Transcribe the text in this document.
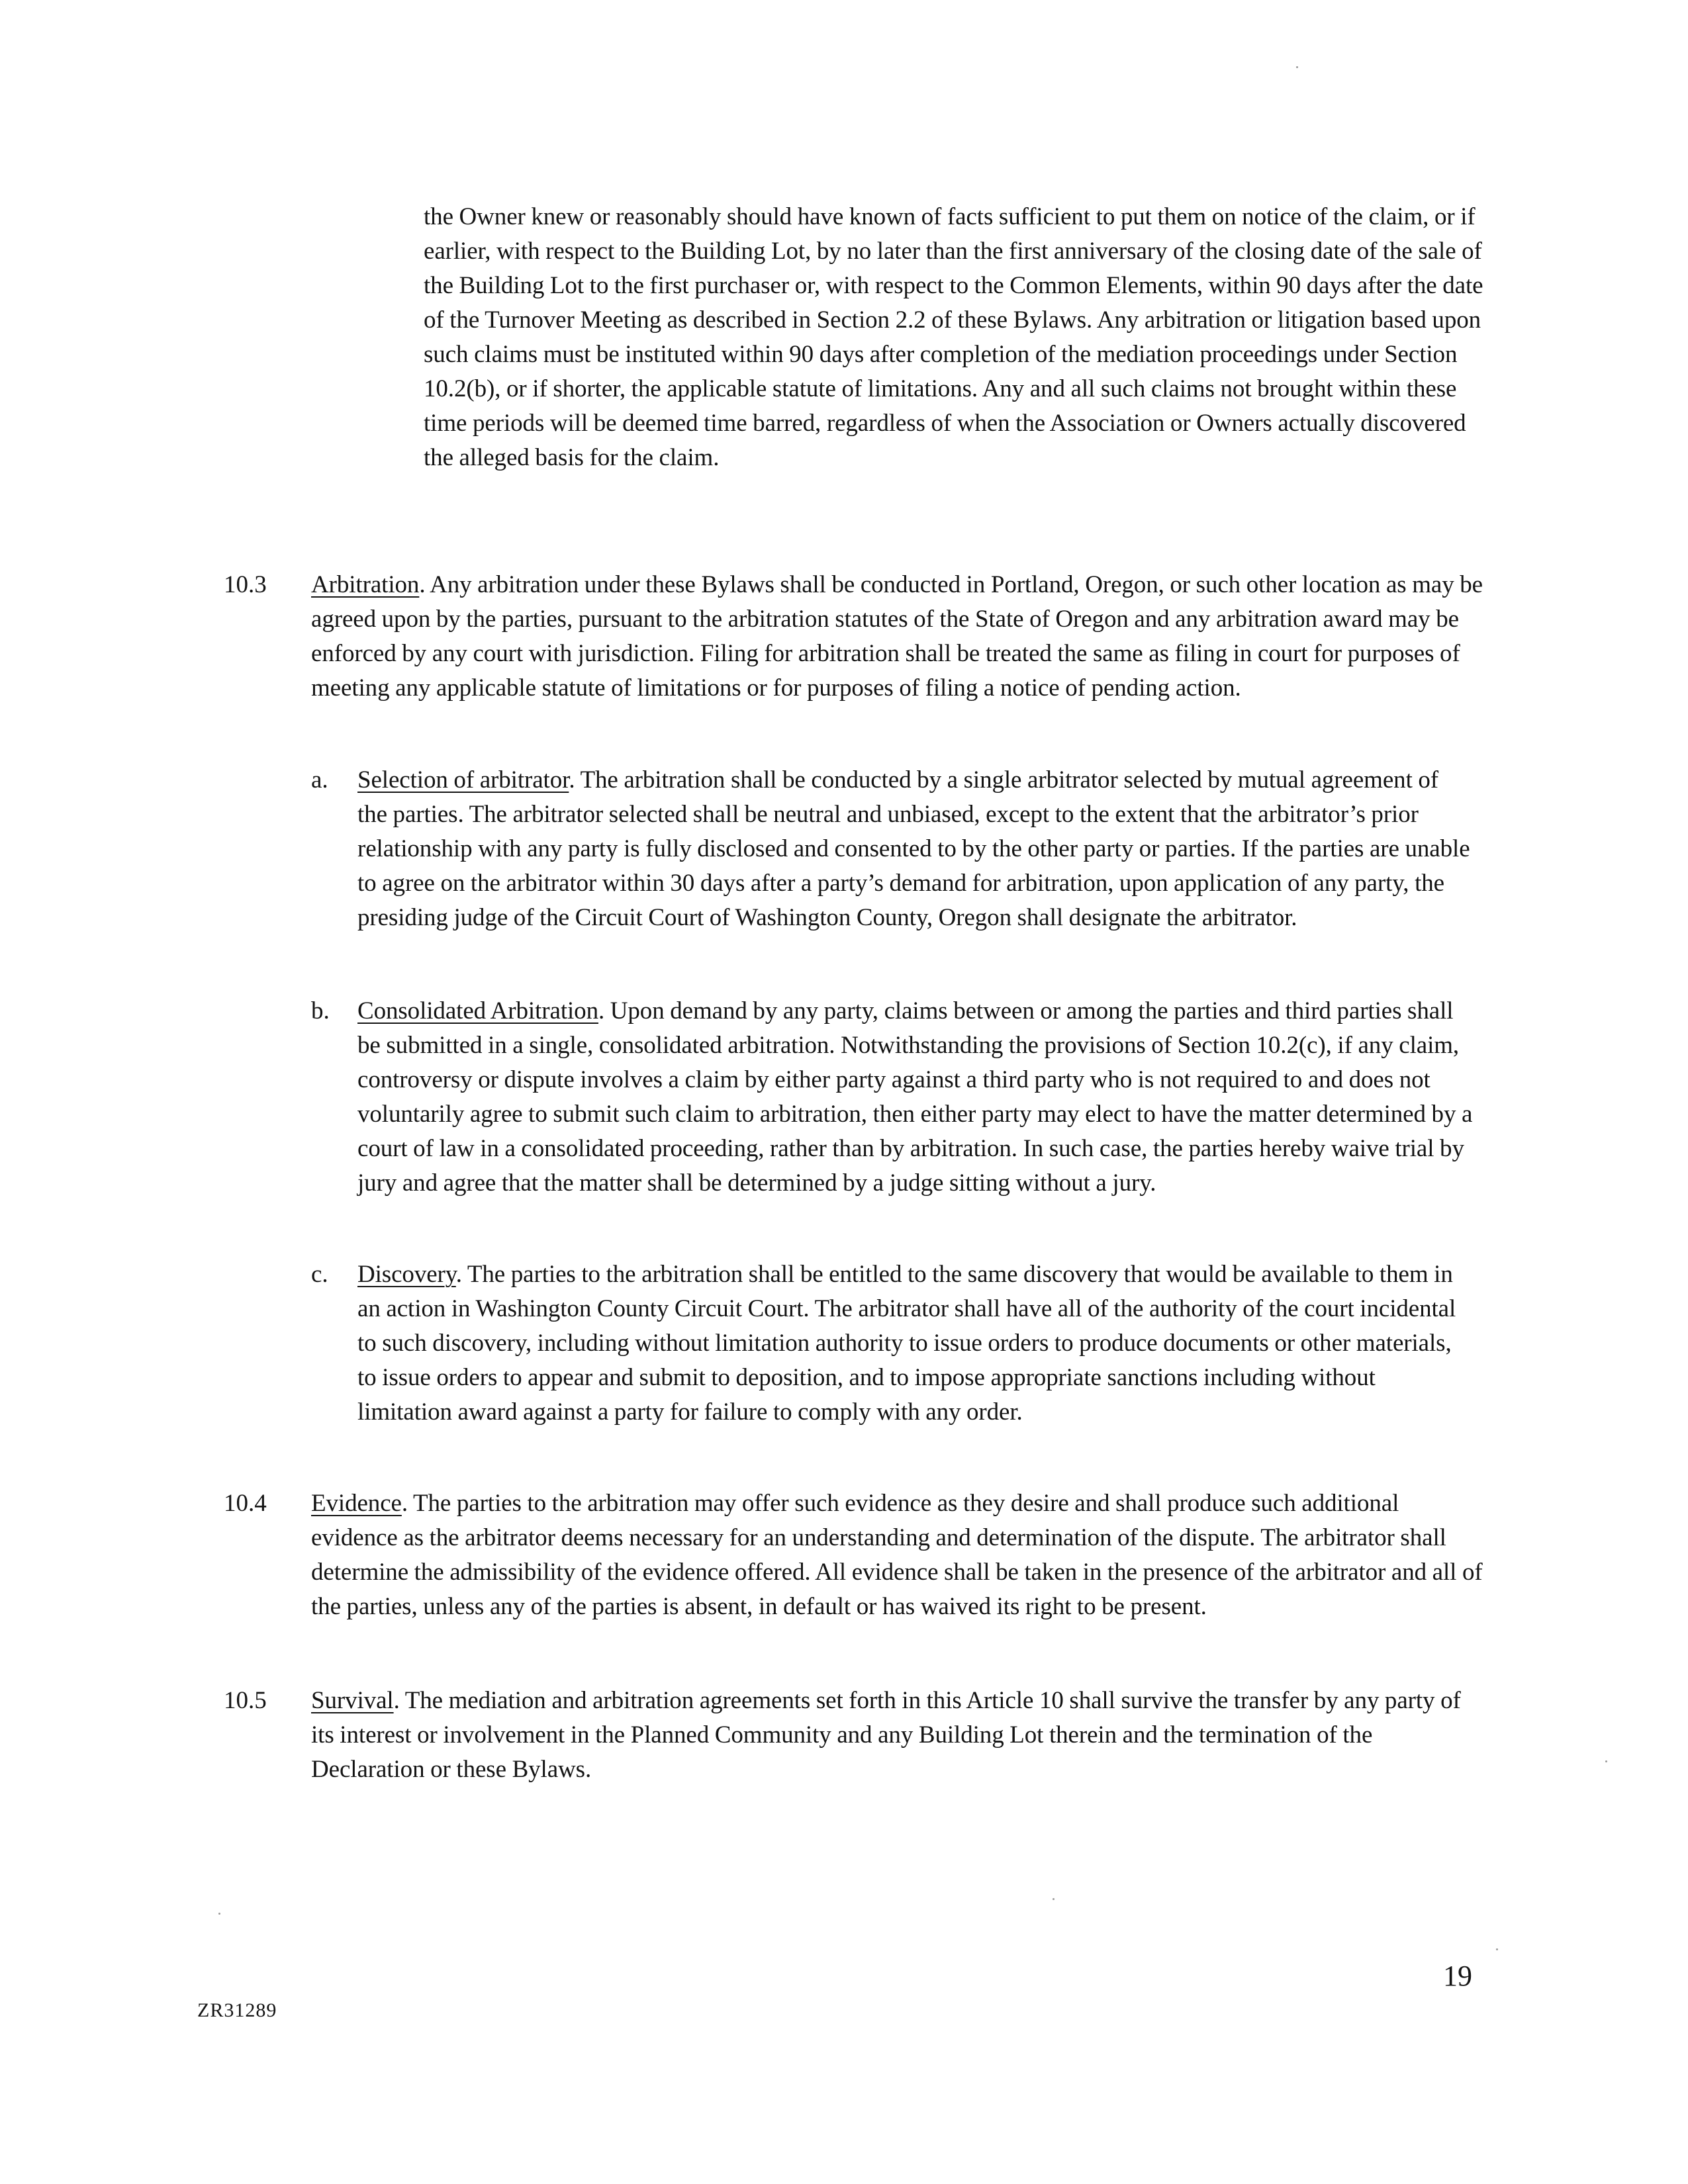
the Owner knew or reasonably should have known of facts sufficient to put them on notice of the claim, or if earlier, with respect to the Building Lot, by no later than the first anniversary of the closing date of the sale of the Building Lot to the first purchaser or, with respect to the Common Elements, within 90 days after the date of the Turnover Meeting as described in Section 2.2 of these Bylaws. Any arbitration or litigation based upon such claims must be instituted within 90 days after completion of the mediation proceedings under Section 10.2(b), or if shorter, the applicable statute of limitations. Any and all such claims not brought within these time periods will be deemed time barred, regardless of when the Association or Owners actually discovered the alleged basis for the claim.

10.3 Arbitration. Any arbitration under these Bylaws shall be conducted in Portland, Oregon, or such other location as may be agreed upon by the parties, pursuant to the arbitration statutes of the State of Oregon and any arbitration award may be enforced by any court with jurisdiction. Filing for arbitration shall be treated the same as filing in court for purposes of meeting any applicable statute of limitations or for purposes of filing a notice of pending action.

a. Selection of arbitrator. The arbitration shall be conducted by a single arbitrator selected by mutual agreement of the parties. The arbitrator selected shall be neutral and unbiased, except to the extent that the arbitrator’s prior relationship with any party is fully disclosed and consented to by the other party or parties. If the parties are unable to agree on the arbitrator within 30 days after a party’s demand for arbitration, upon application of any party, the presiding judge of the Circuit Court of Washington County, Oregon shall designate the arbitrator.

b. Consolidated Arbitration. Upon demand by any party, claims between or among the parties and third parties shall be submitted in a single, consolidated arbitration. Notwithstanding the provisions of Section 10.2(c), if any claim, controversy or dispute involves a claim by either party against a third party who is not required to and does not voluntarily agree to submit such claim to arbitration, then either party may elect to have the matter determined by a court of law in a consolidated proceeding, rather than by arbitration. In such case, the parties hereby waive trial by jury and agree that the matter shall be determined by a judge sitting without a jury.

c. Discovery. The parties to the arbitration shall be entitled to the same discovery that would be available to them in an action in Washington County Circuit Court. The arbitrator shall have all of the authority of the court incidental to such discovery, including without limitation authority to issue orders to produce documents or other materials, to issue orders to appear and submit to deposition, and to impose appropriate sanctions including without limitation award against a party for failure to comply with any order.

10.4 Evidence. The parties to the arbitration may offer such evidence as they desire and shall produce such additional evidence as the arbitrator deems necessary for an understanding and determination of the dispute. The arbitrator shall determine the admissibility of the evidence offered. All evidence shall be taken in the presence of the arbitrator and all of the parties, unless any of the parties is absent, in default or has waived its right to be present.

10.5 Survival. The mediation and arbitration agreements set forth in this Article 10 shall survive the transfer by any party of its interest or involvement in the Planned Community and any Building Lot therein and the termination of the Declaration or these Bylaws.

19
ZR31289
